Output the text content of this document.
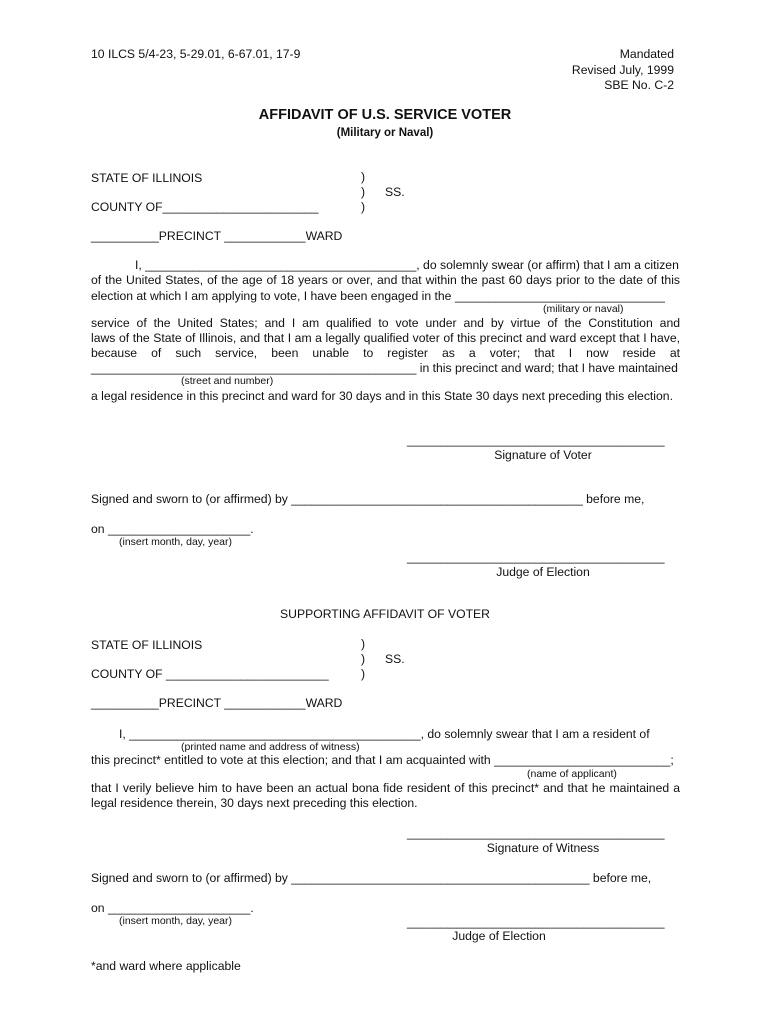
10 ILCS 5/4-23, 5-29.01, 6-67.01, 17-9	Mandated
Revised July, 1999
SBE No. C-2
AFFIDAVIT OF U.S. SERVICE VOTER
(Military or Naval)
STATE OF ILLINOIS
COUNTY OF_______________________
)
)
)
SS.
__________PRECINCT ____________WARD
I, ________________________________________, do solemnly swear (or affirm) that I am a citizen
of the United States, of the age of 18 years or over, and that within the past 60 days prior to the date of this
election at which I am applying to vote, I have been engaged in the _______________________________
(military or naval)
service of the United States; and I am qualified to vote under and by virtue of the Constitution and
laws of the State of Illinois, and that I am a legally qualified voter of this precinct and ward except that I have,
because of such service, been unable to register as a voter; that I now reside at
________________________________________________ in this precinct and ward; that I have maintained
(street and number)
a legal residence in this precinct and ward for 30 days and in this State 30 days next preceding this election.
______________________________________
Signature of Voter
Signed and sworn to (or affirmed) by ___________________________________________ before me,
on _____________________.
(insert month, day, year)
______________________________________
Judge of Election
SUPPORTING AFFIDAVIT OF VOTER
STATE OF ILLINOIS
COUNTY OF ________________________
)
)
)
SS.
__________PRECINCT ____________WARD
I, ___________________________________________, do solemnly swear that I am a resident of
(printed name and address of witness)
this precinct* entitled to vote at this election; and that I am acquainted with __________________________;
(name of applicant)
that I verily believe him to have been an actual bona fide resident of this precinct* and that he maintained a
legal residence therein, 30 days next preceding this election.
______________________________________
Signature of Witness
Signed and sworn to (or affirmed) by ____________________________________________ before me,
on _____________________.
(insert month, day, year)	______________________________________
Judge of Election
*and ward where applicable
